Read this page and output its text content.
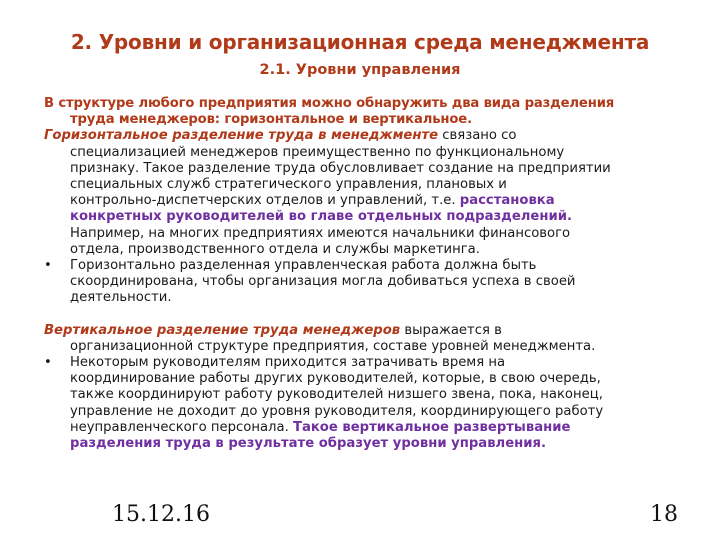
2. Уровни и организационная среда менеджмента
2.1. Уровни управления
В структуре любого предприятия можно обнаружить два вида разделения
труда менеджеров: горизонтальное и вертикальное.
Горизонтальное разделение труда в менеджменте связано со
специализацией менеджеров преимущественно по функциональному
признаку. Такое разделение труда обусловливает создание на предприятии
специальных служб стратегического управления, плановых и
контрольно-диспетчерских отделов и управлений, т.е. расстановка
конкретных руководителей во главе отдельных подразделений.
Например, на многих предприятиях имеются начальники финансового
отдела, производственного отдела и службы маркетинга.
• Горизонтально разделенная управленческая работа должна быть
скоординирована, чтобы организация могла добиваться успеха в своей
деятельности.
Вертикальное разделение труда менеджеров выражается в
организационной структуре предприятия, составе уровней менеджмента.
• Некоторым руководителям приходится затрачивать время на
координирование работы других руководителей, которые, в свою очередь,
также координируют работу руководителей низшего звена, пока, наконец,
управление не доходит до уровня руководителя, координирующего работу
неуправленческого персонала. Такое вертикальное развертывание
разделения труда в результате образует уровни управления.
15.12.16	18
